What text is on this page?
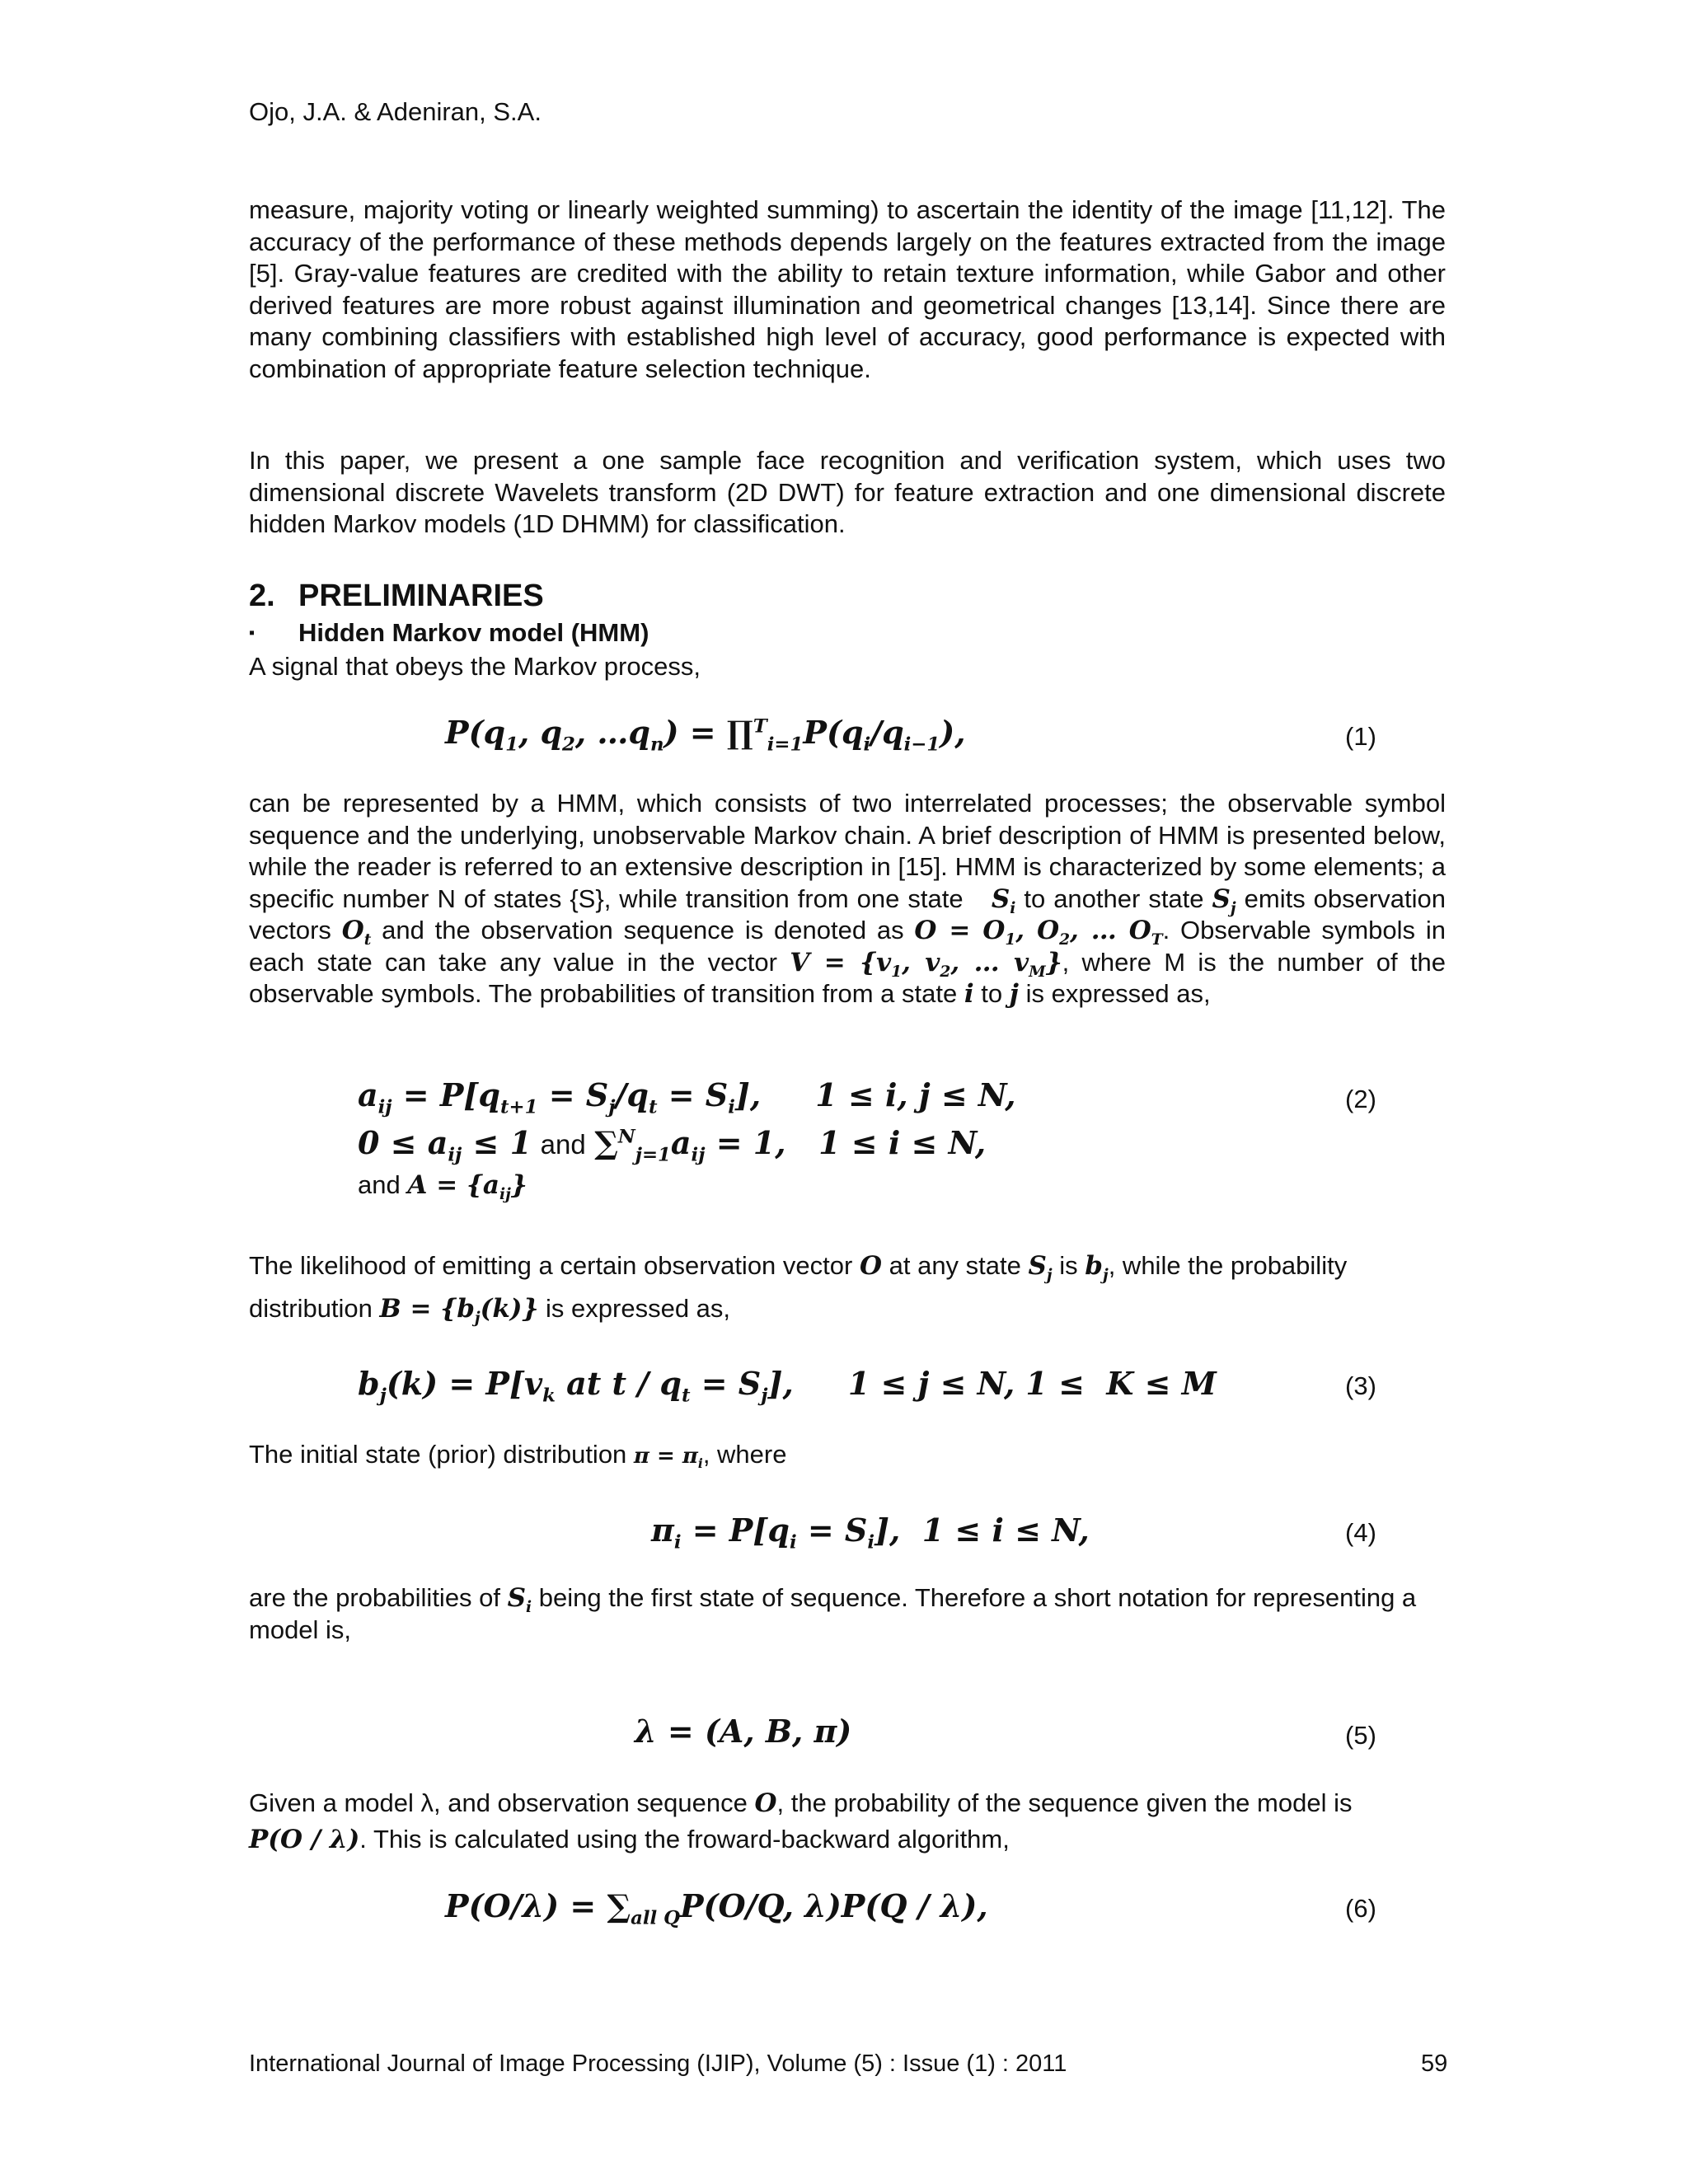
Ojo, J.A. & Adeniran, S.A.

measure, majority voting or linearly weighted summing) to ascertain the identity of the image [11,12]. The accuracy of the performance of these methods depends largely on the features extracted from the image [5]. Gray-value features are credited with the ability to retain texture information, while Gabor and other derived features are more robust against illumination and geometrical changes [13,14]. Since there are many combining classifiers with established high level of accuracy, good performance is expected with combination of appropriate feature selection technique.

In this paper, we present a one sample face recognition and verification system, which uses two dimensional discrete Wavelets transform (2D DWT) for feature extraction and one dimensional discrete hidden Markov models (1D DHMM) for classification.

2. PRELIMINARIES
▪ Hidden Markov model (HMM)

A signal that obeys the Markov process,

$P(q_1$, $q_2$, $\dots q_n$) = $\prod^T_{i=1}P(q_i/q_{i-1})$,	(1)

can be represented by a HMM, which consists of two interrelated processes; the observable symbol sequence and the underlying, unobservable Markov chain. A brief description of HMM is presented below, while the reader is referred to an extensive description in [15]. HMM is characterized by some elements; a specific number N of states {S}, while transition from one state   $S_i$ to another state $S_j$ emits observation vectors $O_t$ and the observation sequence is denoted as $O = O_1$, $O_2$, … $O_T$. Observable symbols in each state can take any value in the vector $V = \{v_1$, $v_2$, … $v_M$}, where M is the number of the observable symbols. The probabilities of transition from a state i to j is expressed as,

$a_{ij} = P[q_{t+1} = S_j/q_t = S_i]$,     1 ≤ i, j ≤ N,	(2)
$0 \le a_{ij} \le 1$ and $\sum^N_{j=1}a_{ij} = 1$,   1 ≤ i ≤ N,
and $A = \{a_{ij}\}$

The likelihood of emitting a certain observation vector O at any state $S_j$ is $b_j$, while the probability distribution $B = \{b_j(k)\}$ is expressed as,

$b_j(k) = P[v_k$ at $t / q_t = S_j$],     1 ≤ j ≤ N, 1 ≤  K ≤ M	(3)

The initial state (prior) distribution $\pi = \pi_i$, where

$\pi_i = P[q_i = S_i]$,  1 ≤ i ≤ N,	(4)

are the probabilities of $S_i$ being the first state of sequence. Therefore a short notation for representing a model is,

λ = (A, B, π)	(5)

Given a model λ, and observation sequence O, the probability of the sequence given the model is P(O / λ). This is calculated using the froward-backward algorithm,

$P(O/\lambda) = \sum_{all Q}P(O/Q$, λ)P(Q / λ),	(6)
International Journal of Image Processing (IJIP), Volume (5) : Issue (1) : 2011	59
